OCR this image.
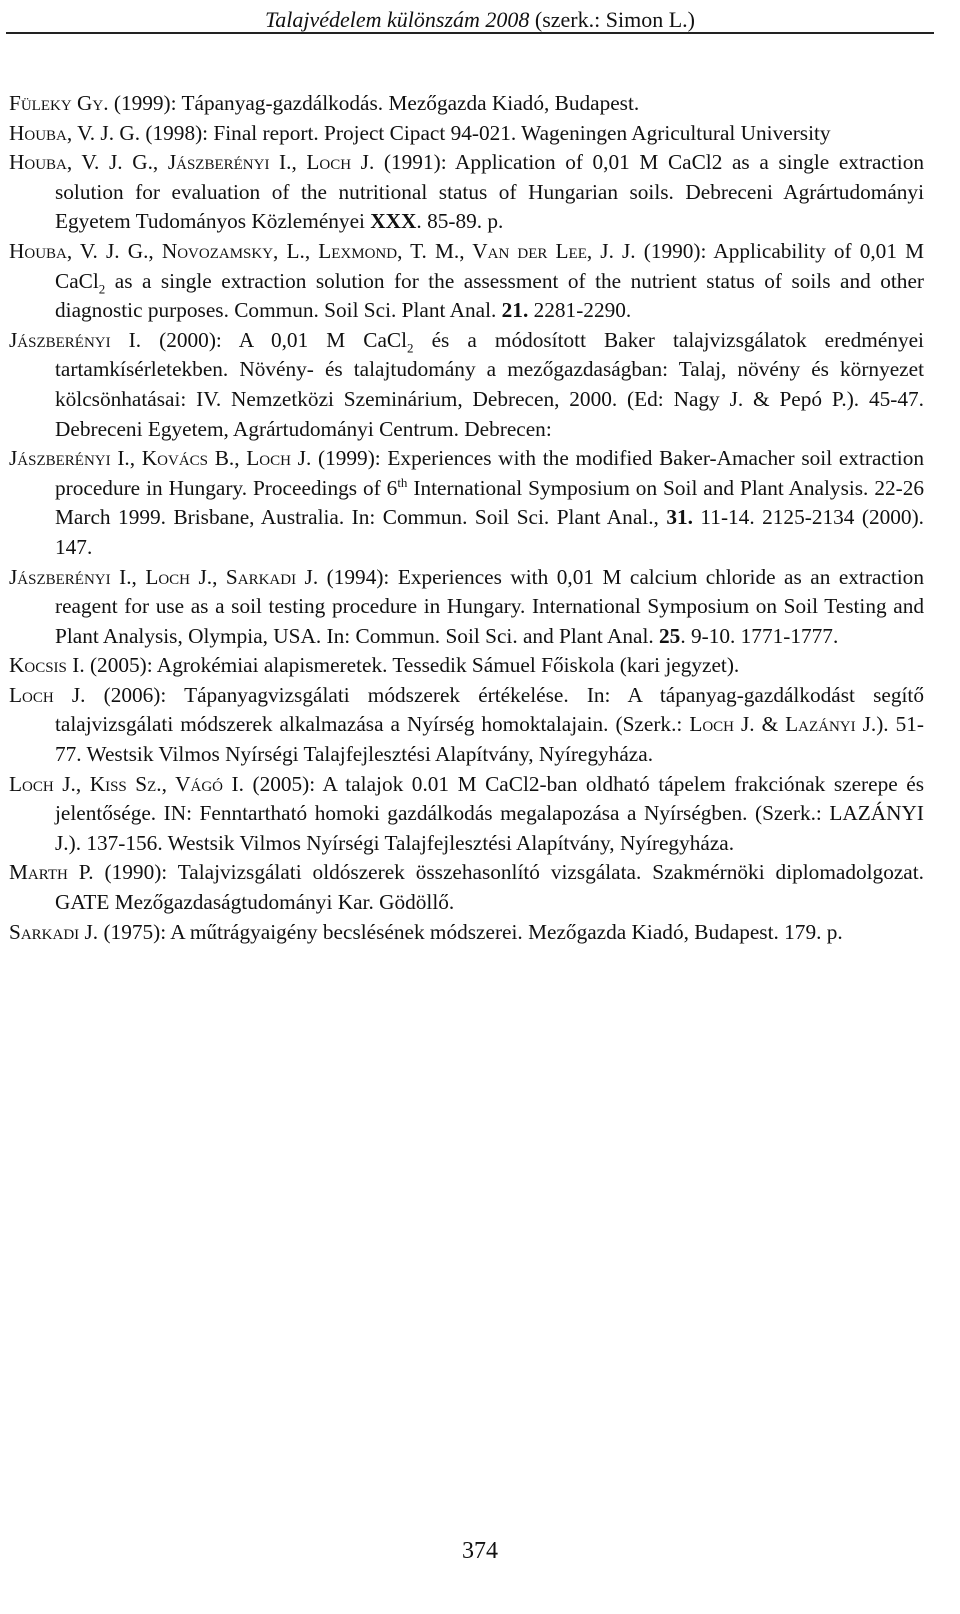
Talajvédelem különszám 2008 (szerk.: Simon L.)
Füleky Gy. (1999): Tápanyag-gazdálkodás. Mezőgazda Kiadó, Budapest.
Houba, V. J. G. (1998): Final report. Project Cipact 94-021. Wageningen Agricultural University
Houba, V. J. G., Jászberényi I., Loch J. (1991): Application of 0,01 M CaCl2 as a single extraction solution for evaluation of the nutritional status of Hungarian soils. Debreceni Agrártudományi Egyetem Tudományos Közleményei XXX. 85-89. p.
Houba, V. J. G., Novozamsky, L., Lexmond, T. M., Van der Lee, J. J. (1990): Applicability of 0,01 M CaCl$_2$ as a single extraction solution for the assessment of the nutrient status of soils and other diagnostic purposes. Commun. Soil Sci. Plant Anal. 21. 2281-2290.
Jászberényi I. (2000): A 0,01 M CaCl$_2$ és a módosított Baker talajvizsgálatok eredményei tartamkísérletekben. Növény- és talajtudomány a mezőgazdaságban: Talaj, növény és környezet kölcsönhatásai: IV. Nemzetközi Szeminárium, Debrecen, 2000. (Ed: Nagy J. & Pepó P.). 45-47. Debreceni Egyetem, Agrártudományi Centrum. Debrecen:
Jászberényi I., Kovács B., Loch J. (1999): Experiences with the modified Baker-Amacher soil extraction procedure in Hungary. Proceedings of 6th International Symposium on Soil and Plant Analysis. 22-26 March 1999. Brisbane, Australia. In: Commun. Soil Sci. Plant Anal., 31. 11-14. 2125-2134 (2000). 147.
Jászberényi I., Loch J., Sarkadi J. (1994): Experiences with 0,01 M calcium chloride as an extraction reagent for use as a soil testing procedure in Hungary. International Symposium on Soil Testing and Plant Analysis, Olympia, USA. In: Commun. Soil Sci. and Plant Anal. 25. 9-10. 1771-1777.
Kocsis I. (2005): Agrokémiai alapismeretek. Tessedik Sámuel Főiskola (kari jegyzet).
Loch J. (2006): Tápanyagvizsgálati módszerek értékelése. In: A tápanyag-gazdálkodást segítő talajvizsgálati módszerek alkalmazása a Nyírség homoktalajain. (Szerk.: Loch J. & Lazányi J.). 51-77. Westsik Vilmos Nyírségi Talajfejlesztési Alapítvány, Nyíregyháza.
Loch J., Kiss Sz., Vágó I. (2005): A talajok 0.01 M CaCl2-ban oldható tápelem frakciónak szerepe és jelentősége. IN: Fenntartható homoki gazdálkodás megalapozása a Nyírségben. (Szerk.: LAZÁNYI J.). 137-156. Westsik Vilmos Nyírségi Talajfejlesztési Alapítvány, Nyíregyháza.
Marth P. (1990): Talajvizsgálati oldószerek összehasonlító vizsgálata. Szakmérnöki diplomadolgozat. GATE Mezőgazdaságtudományi Kar. Gödöllő.
Sarkadi J. (1975): A műtrágyaigény becslésének módszerei. Mezőgazda Kiadó, Budapest. 179. p.
374
